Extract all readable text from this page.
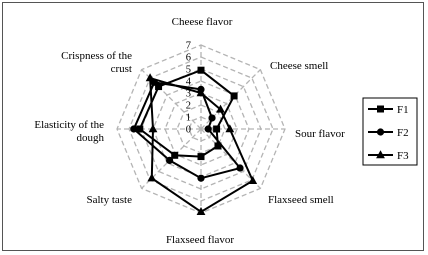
0
1
2
3
4
5
6
7
Cheese flavor
Cheese smell
Sour flavor
Flaxseed smell
Flaxseed flavor
Salty taste
Elasticity of the dough
Crispness of the crust
F1
F2
F3
